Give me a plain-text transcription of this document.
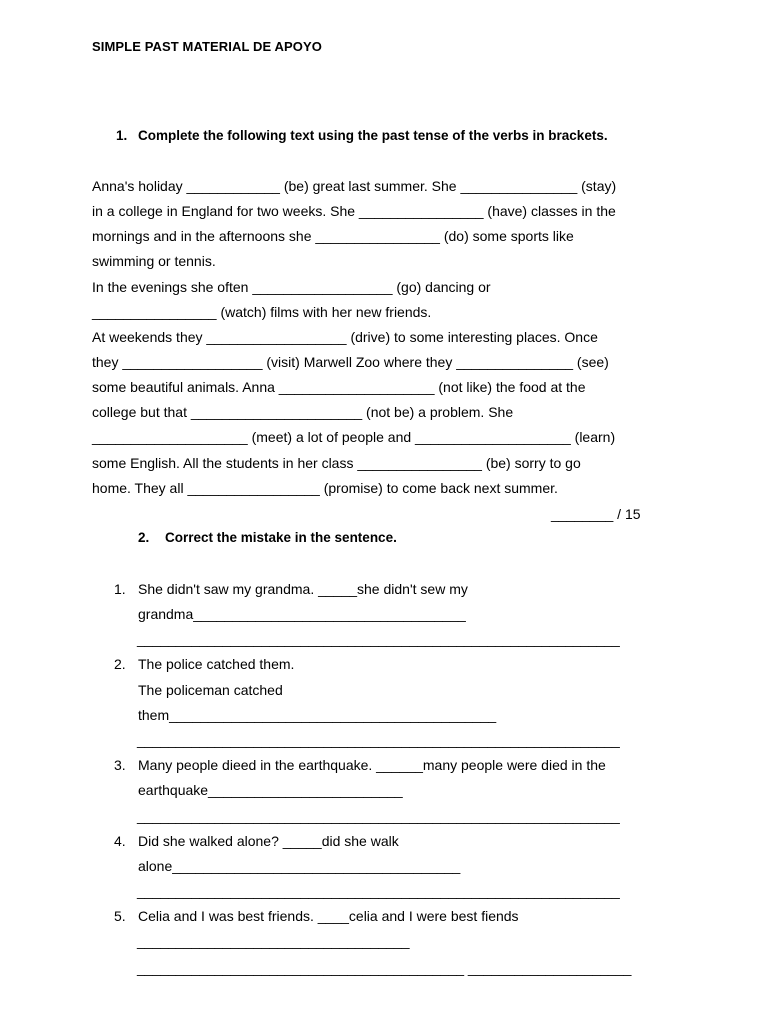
SIMPLE PAST MATERIAL DE APOYO
1. Complete the following text using the past tense of the verbs in brackets.
Anna's holiday ____________ (be) great last summer. She _______________ (stay)
in a college in England for two weeks. She ________________ (have) classes in the
mornings and in the afternoons she ________________ (do) some sports like
swimming or tennis.
In the evenings she often __________________ (go) dancing or
________________ (watch) films with her new friends.
At weekends they __________________ (drive) to some interesting places. Once
they __________________ (visit) Marwell Zoo where they _______________ (see)
some beautiful animals. Anna ____________________ (not like) the food at the
college but that ______________________ (not be) a problem. She
____________________ (meet) a lot of people and ____________________ (learn)
some English. All the students in her class ________________ (be) sorry to go
home. They all _________________ (promise) to come back next summer.
________ / 15
2. Correct the mistake in the sentence.
1. She didn't saw my grandma. _____she didn't sew my
grandma___________________________________
______________________________________________________________
2. The police catched them.
The policeman catched
them__________________________________________
______________________________________________________________
3. Many people dieed in the earthquake. ______many people were died in the
earthquake_________________________
______________________________________________________________
4. Did she walked alone? _____did she walk
alone_____________________________________
______________________________________________________________
5. Celia and I was best friends. ____celia and I were best fiends
___________________________________
__________________________________________ _____________________
